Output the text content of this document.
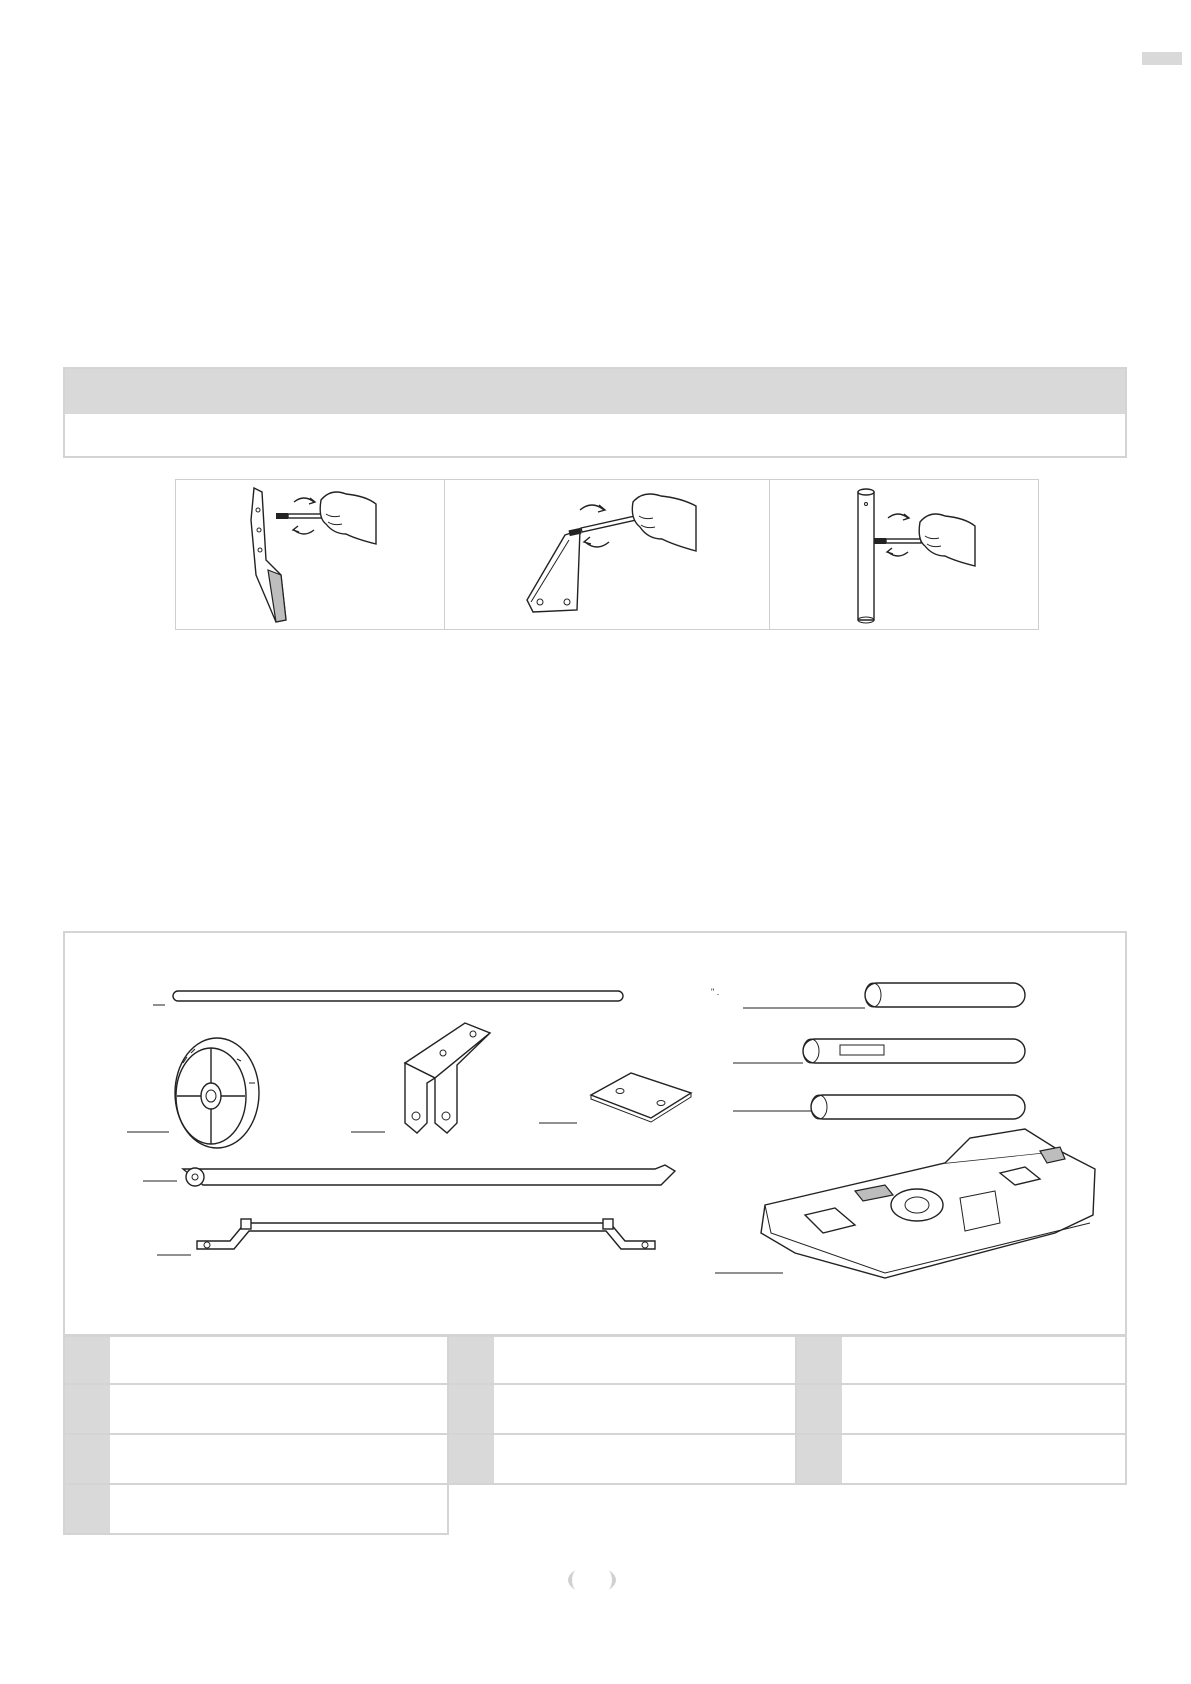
" .
